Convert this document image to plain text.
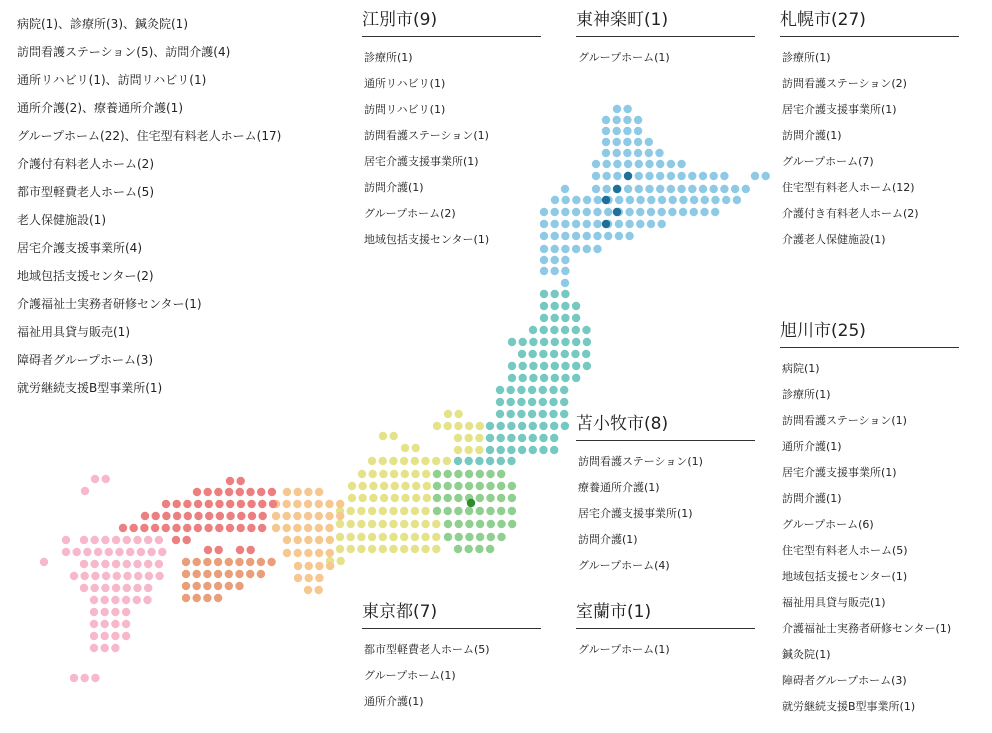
病院(1)、診療所(3)、鍼灸院(1)
訪問看護ステーション(5)、訪問介護(4)
通所リハビリ(1)、訪問リハビリ(1)
通所介護(2)、療養通所介護(1)
グループホーム(22)、住宅型有料老人ホーム(17)
介護付有料老人ホーム(2)
都市型軽費老人ホーム(5)
老人保健施設(1)
居宅介護支援事業所(4)
地域包括支援センター(2)
介護福祉士実務者研修センター(1)
福祉用具貸与販売(1)
障碍者グループホーム(3)
就労継続支援B型事業所(1)
江別市(9)
診療所(1)
通所リハビリ(1)
訪問リハビリ(1)
訪問看護ステーション(1)
居宅介護支援事業所(1)
訪問介護(1)
グループホーム(2)
地域包括支援センター(1)
東神楽町(1)
グループホーム(1)
札幌市(27)
診療所(1)
訪問看護ステーション(2)
居宅介護支援事業所(1)
訪問介護(1)
グループホーム(7)
住宅型有料老人ホーム(12)
介護付き有料老人ホーム(2)
介護老人保健施設(1)
旭川市(25)
病院(1)
診療所(1)
訪問看護ステーション(1)
通所介護(1)
居宅介護支援事業所(1)
訪問介護(1)
グループホーム(6)
住宅型有料老人ホーム(5)
地域包括支援センター(1)
福祉用具貸与販売(1)
介護福祉士実務者研修センター(1)
鍼灸院(1)
障碍者グループホーム(3)
就労継続支援B型事業所(1)
苫小牧市(8)
訪問看護ステーション(1)
療養通所介護(1)
居宅介護支援事業所(1)
訪問介護(1)
グループホーム(4)
東京都(7)
都市型軽費老人ホーム(5)
グループホーム(1)
通所介護(1)
室蘭市(1)
グループホーム(1)
